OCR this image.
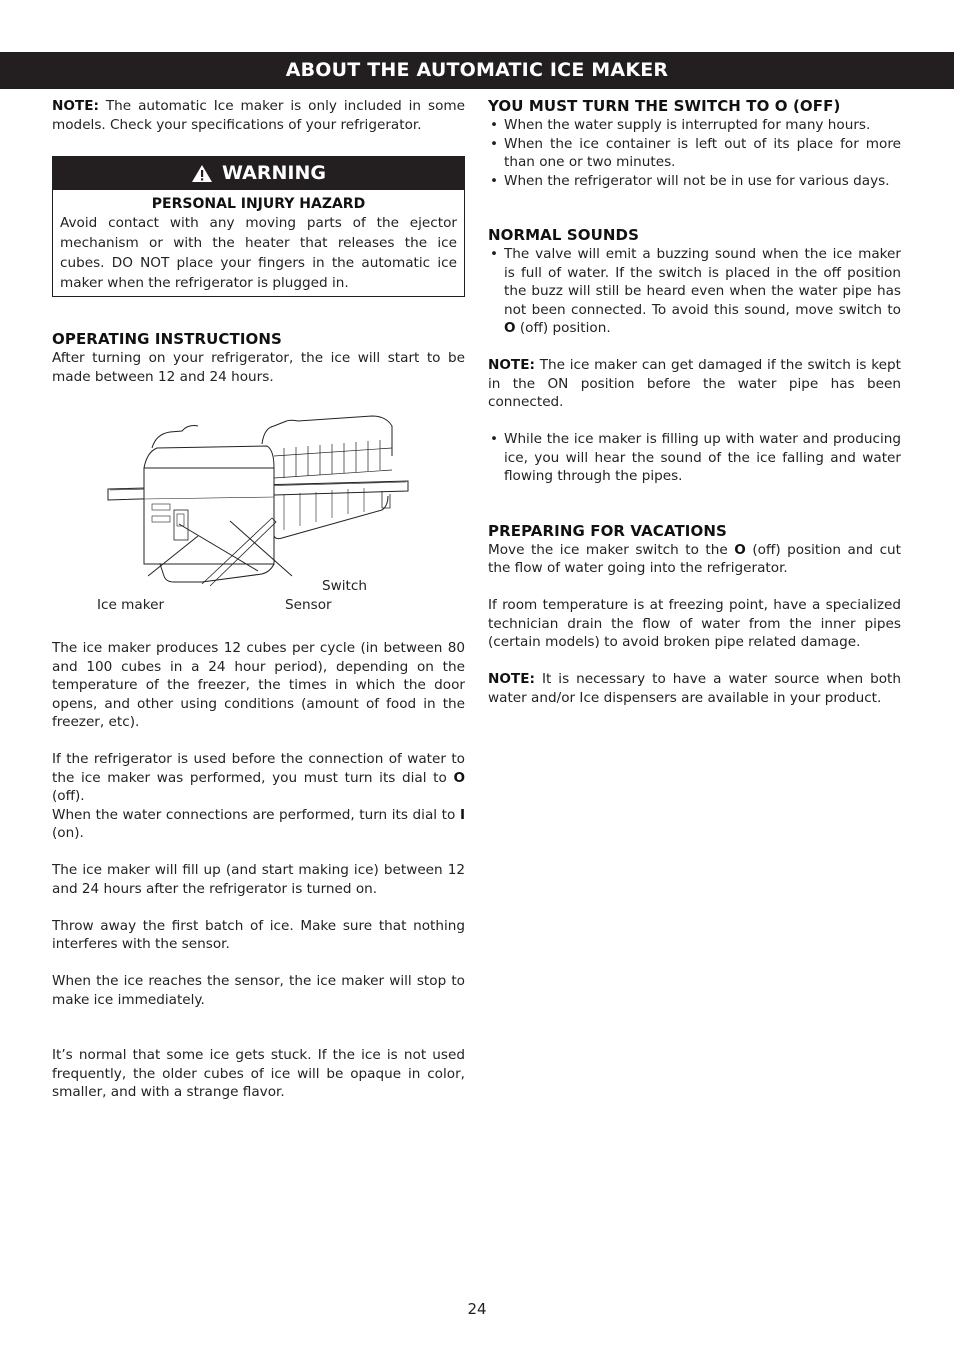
ABOUT THE AUTOMATIC ICE MAKER

NOTE: The automatic Ice maker is only included in some models. Check your specifications of your refrigerator.

WARNING
PERSONAL INJURY HAZARD

Avoid contact with any moving parts of the ejector mechanism or with the heater that releases the ice cubes. DO NOT place your fingers in the automatic ice maker when the refrigerator is plugged in.

OPERATING INSTRUCTIONS

After turning on your refrigerator, the ice will start to be made between 12 and 24 hours.

Switch
Ice maker	Sensor

The ice maker produces 12 cubes per cycle (in between 80 and 100 cubes in a 24 hour period), depending on the temperature of the freezer, the times in which the door opens, and other using conditions (amount of food in the freezer, etc).

If the refrigerator is used before the connection of water to the ice maker was performed, you must turn its dial to O (off).

When the water connections are performed, turn its dial to I (on).

The ice maker will fill up (and start making ice) between 12 and 24 hours after the refrigerator is turned on.

Throw away the first batch of ice. Make sure that nothing interferes with the sensor.

When the ice reaches the sensor, the ice maker will stop to make ice immediately.

It’s normal that some ice gets stuck. If the ice is not used frequently, the older cubes of ice will be opaque in color, smaller, and with a strange flavor.

YOU MUST TURN THE SWITCH TO O (OFF)
• When the water supply is interrupted for many hours.
• When the ice container is left out of its place for more than one or two minutes.
• When the refrigerator will not be in use for various days.
NORMAL SOUNDS
• The valve will emit a buzzing sound when the ice maker is full of water. If the switch is placed in the off position the buzz will still be heard even when the water pipe has not been connected. To avoid this sound, move switch to O (off) position.

NOTE: The ice maker can get damaged if the switch is kept in the ON position before the water pipe has been connected.

• While the ice maker is filling up with water and producing ice, you will hear the sound of the ice falling and water flowing through the pipes.
PREPARING FOR VACATIONS

Move the ice maker switch to the O (off) position and cut the flow of water going into the refrigerator.

If room temperature is at freezing point, have a specialized technician drain the flow of water from the inner pipes (certain models) to avoid broken pipe related damage.

NOTE: It is necessary to have a water source when both water and/or Ice dispensers are available in your product.

24
